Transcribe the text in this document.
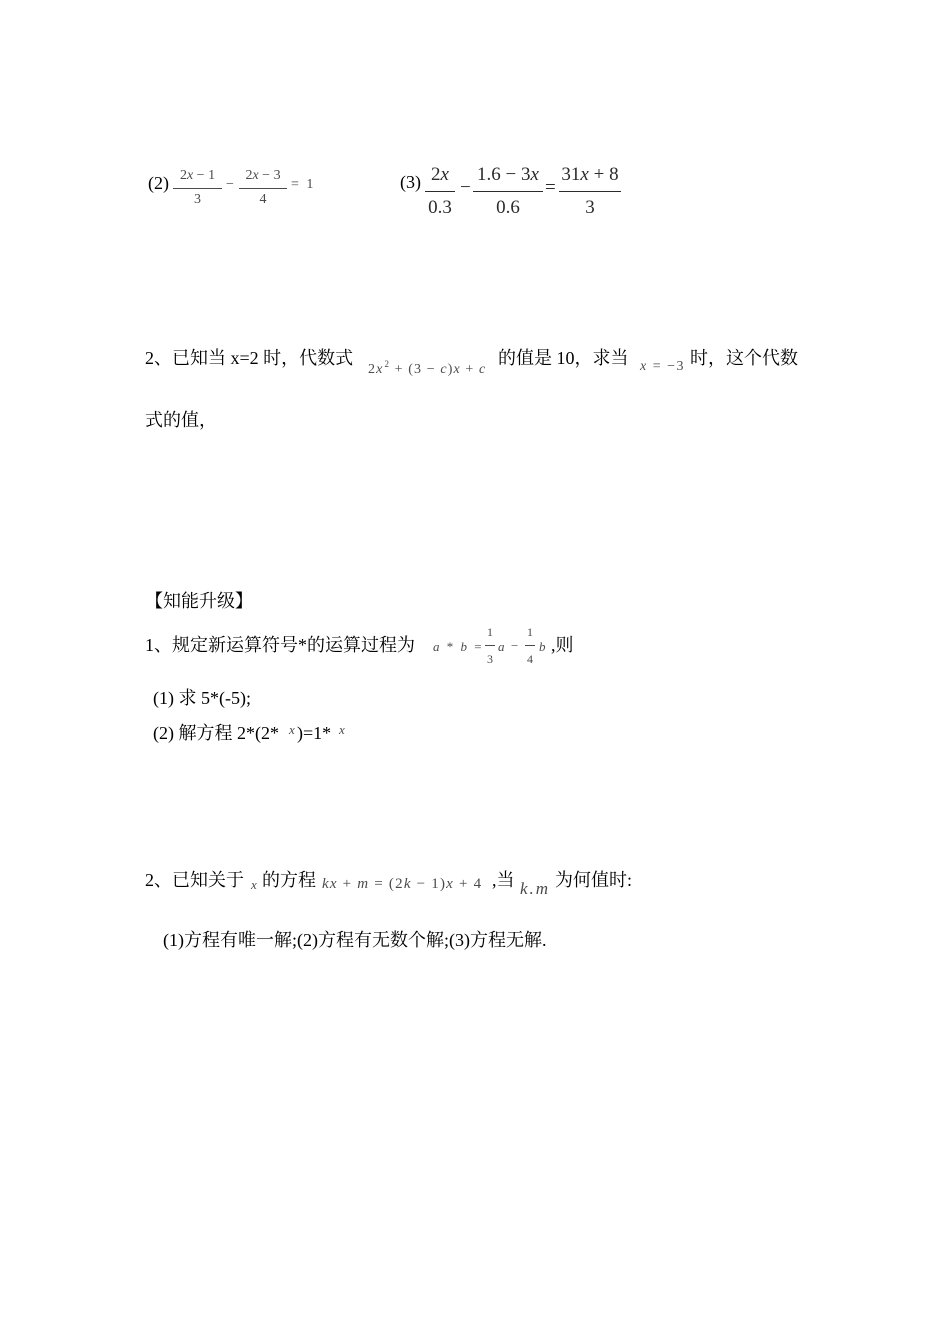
$(2) \frac{2x - 1}{3} - \frac{2x - 3}{4} = 1$	$(3) \frac{2x}{0.3} - \frac{1.6 - 3x}{0.6} = \frac{31x + 8}{3}$
2、已知当 x=2 时，代数式
$2x^2 + (3 - c)x + c$
的值是 10，求当 x = −3 时，这个代数
式的值，
【知能升级】
1、规定新运算符号*的运算过程为 $a * b = \frac{1}{3}$ $a - \frac{1}{4}$ b ,则
(1) 求 5*(-5);
(2) 解方程 2*(2* x )=1* x
2、已知关于 x 的方程 kx + m = (2k − 1)x + 4 ,当 k.m 为何值时:
(1)方程有唯一解;(2)方程有无数个解;(3)方程无解.
